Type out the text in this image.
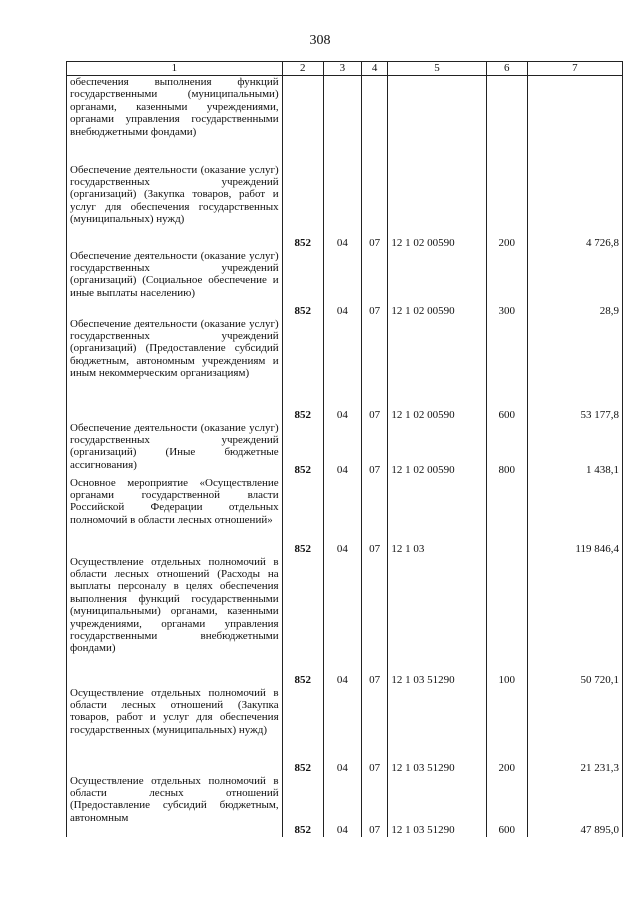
308
1	2	3	4	5	6	7
обеспечения выполнения функций государственными (муниципальными) органами, казенными учреждениями, органами управления государственными внебюджетными фондами)						
Обеспечение деятельности (оказание услуг) государственных учреждений (организаций) (Закупка товаров, работ и услуг для обеспечения государственных (муниципальных) нужд)	852	04	07	12 1 02 00590	200	4 726,8
Обеспечение деятельности (оказание услуг) государственных учреждений (организаций) (Социальное обеспечение и иные выплаты населению)	852	04	07	12 1 02 00590	300	28,9
Обеспечение деятельности (оказание услуг) государственных учреждений (организаций) (Предоставление субсидий бюджетным, автономным учреждениям и иным некоммерческим организациям)	852	04	07	12 1 02 00590	600	53 177,8
Обеспечение деятельности (оказание услуг) государственных учреждений (организаций) (Иные бюджетные ассигнования)	852	04	07	12 1 02 00590	800	1 438,1
Основное мероприятие «Осуществление органами государственной власти Российской Федерации отдельных полномочий в области лесных отношений»	852	04	07	12 1 03		119 846,4
Осуществление отдельных полномочий в области лесных отношений (Расходы на выплаты персоналу в целях обеспечения выполнения функций государственными (муниципальными) органами, казенными учреждениями, органами управления государственными внебюджетными фондами)	852	04	07	12 1 03 51290	100	50 720,1
Осуществление отдельных полномочий в области лесных отношений (Закупка товаров, работ и услуг для обеспечения государственных (муниципальных) нужд)	852	04	07	12 1 03 51290	200	21 231,3
Осуществление отдельных полномочий в области лесных отношений (Предоставление субсидий бюджетным, автономным	852	04	07	12 1 03 51290	600	47 895,0
